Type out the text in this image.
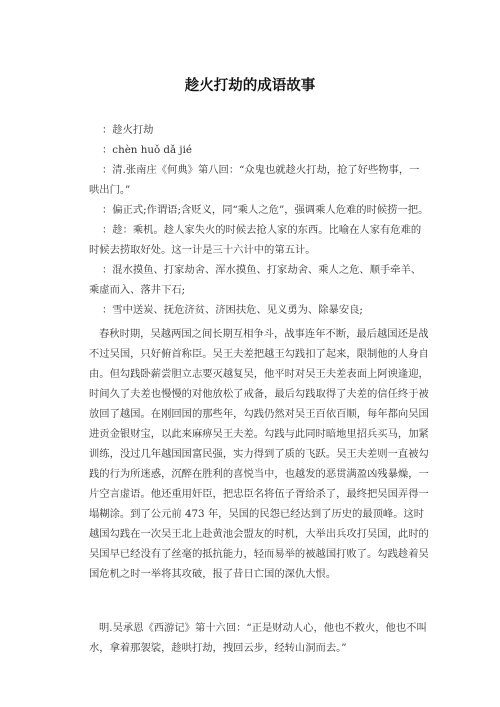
趁火打劫的成语故事

：趁火打劫

：chèn huǒ dǎ jié

：清.张南庄《何典》第八回：“众鬼也就趁火打劫，抢了好些物事，一哄出门。”

：偏正式;作谓语;含贬义，同“乘人之危”，强调乘人危难的时候捞一把。

：趁：乘机。趁人家失火的时候去抢人家的东西。比喻在人家有危难的时候去捞取好处。这一计是三十六计中的第五计。

：混水摸鱼、打家劫舍、浑水摸鱼、打家劫舍、乘人之危、顺手牵羊、乘虚而入、落井下石;

：雪中送炭、抚危济贫、济困扶危、见义勇为、除暴安良;

春秋时期，吴越两国之间长期互相争斗，战事连年不断，最后越国还是战不过吴国，只好俯首称臣。吴王夫差把越王勾践扣了起来，限制他的人身自由。但勾践卧薪尝胆立志要灭越复吴，他平时对吴王夫差表面上阿谀逢迎，时间久了夫差也慢慢的对他放松了戒备，最后勾践取得了夫差的信任终于被放回了越国。在刚回国的那些年，勾践仍然对吴王百依百顺，每年都向吴国进贡金银财宝，以此来麻痹吴王夫差。勾践与此同时暗地里招兵买马，加紧训练，没过几年越国国富民强，实力得到了质的飞跃。吴王夫差则一直被勾践的行为所迷惑，沉醉在胜利的喜悦当中，也越发的恶贯满盈凶残暴燥，一片空言虚语。他还重用奸臣，把忠臣名将伍子胥给杀了，最终把吴国弄得一塌糊涂。到了公元前 473 年，吴国的民怨已经达到了历史的最顶峰。这时越国勾践在一次吴王北上赴黄池会盟友的时机，大举出兵攻打吴国，此时的吴国早已经没有了丝毫的抵抗能力，轻而易举的被越国打败了。勾践趁着吴国危机之时一举将其攻破，报了昔日亡国的深仇大恨。

明.吴承恩《西游记》第十六回：“正是财动人心，他也不救火，他也不叫水，拿着那袈裟，趁哄打劫，拽回云步，经转山洞而去。”
